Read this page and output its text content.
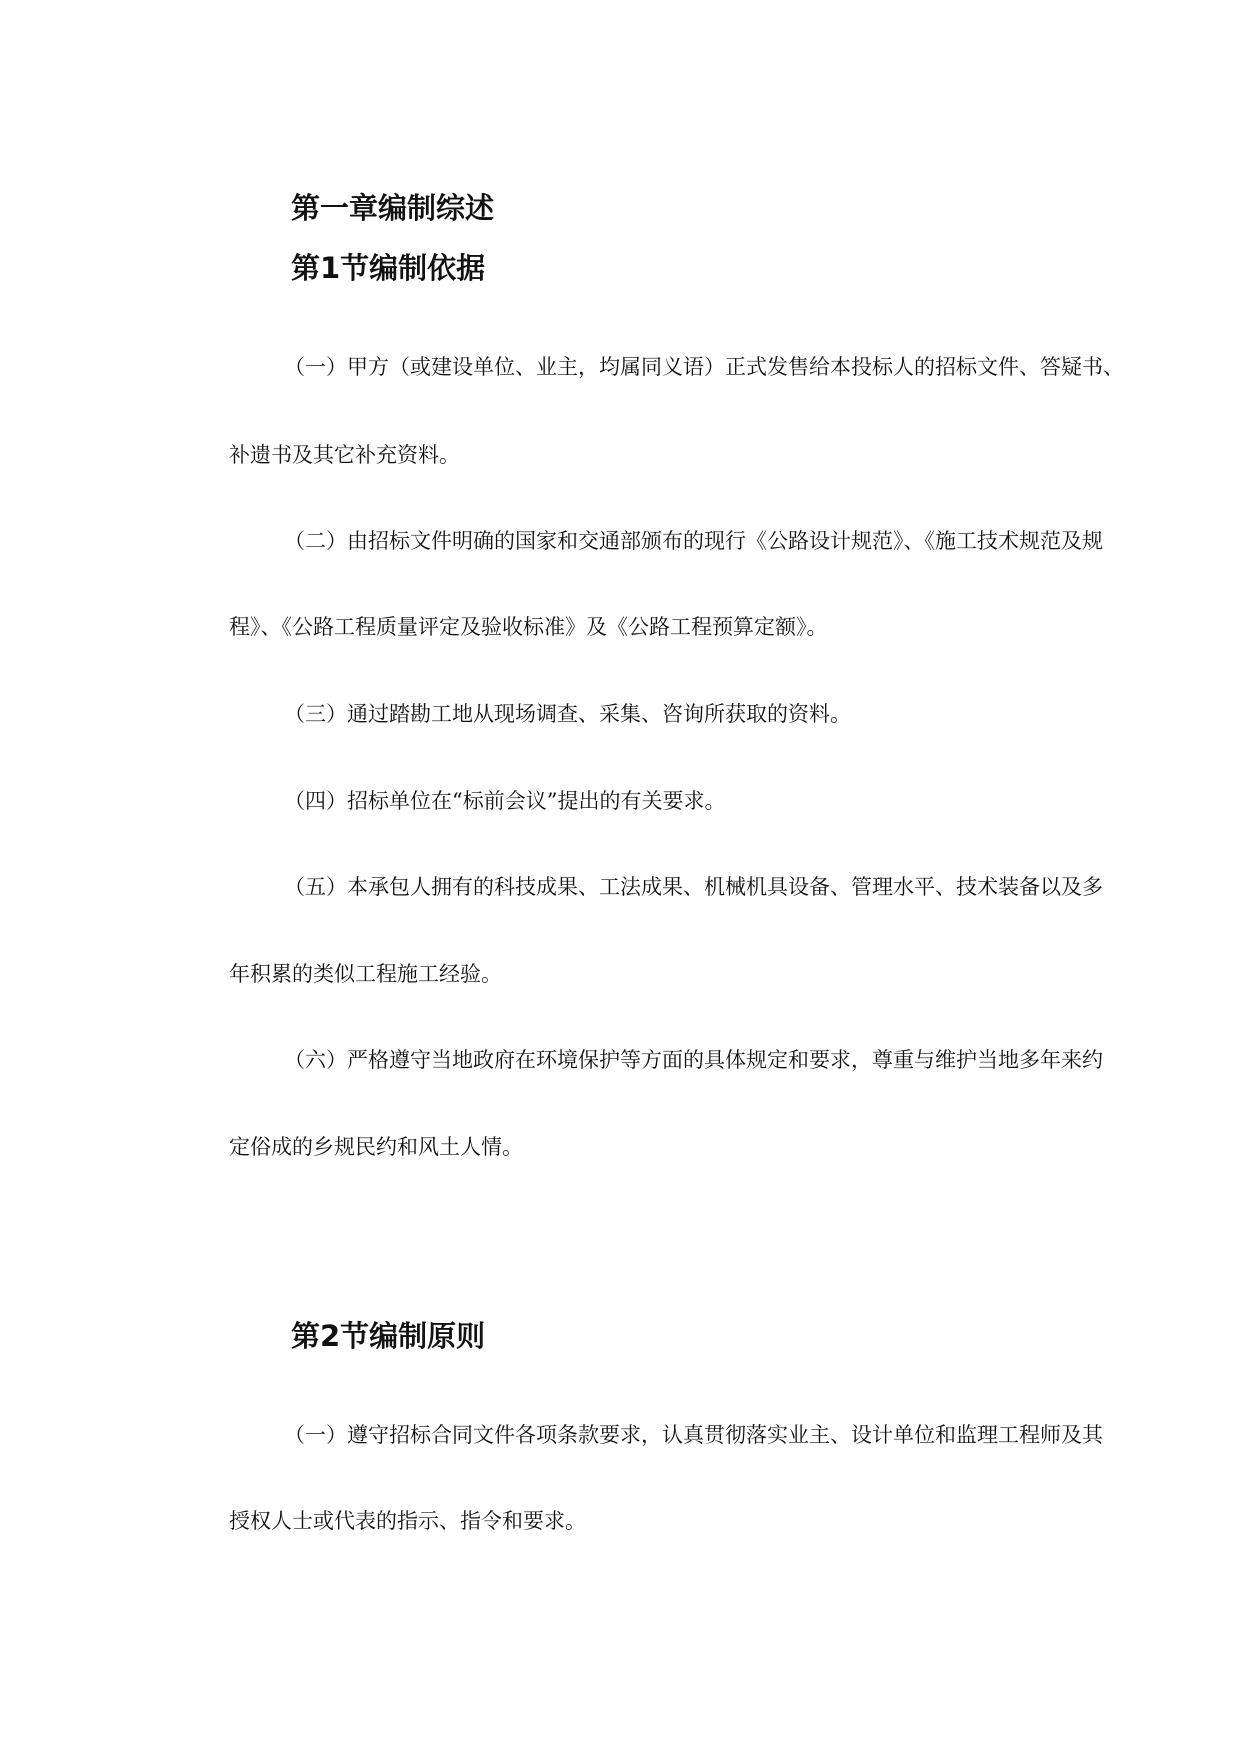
第一章编制综述
第1节编制依据

（一）甲方（或建设单位、业主，均属同义语）正式发售给本投标人的招标文件、答疑书、

补遗书及其它补充资料。

（二）由招标文件明确的国家和交通部颁布的现行《公路设计规范》、《施工技术规范及规

程》、《公路工程质量评定及验收标准》及《公路工程预算定额》。

（三）通过踏勘工地从现场调查、采集、咨询所获取的资料。

（四）招标单位在“标前会议”提出的有关要求。

（五）本承包人拥有的科技成果、工法成果、机械机具设备、管理水平、技术装备以及多

年积累的类似工程施工经验。

（六）严格遵守当地政府在环境保护等方面的具体规定和要求，尊重与维护当地多年来约

定俗成的乡规民约和风土人情。

第2节编制原则

（一）遵守招标合同文件各项条款要求，认真贯彻落实业主、设计单位和监理工程师及其

授权人士或代表的指示、指令和要求。
